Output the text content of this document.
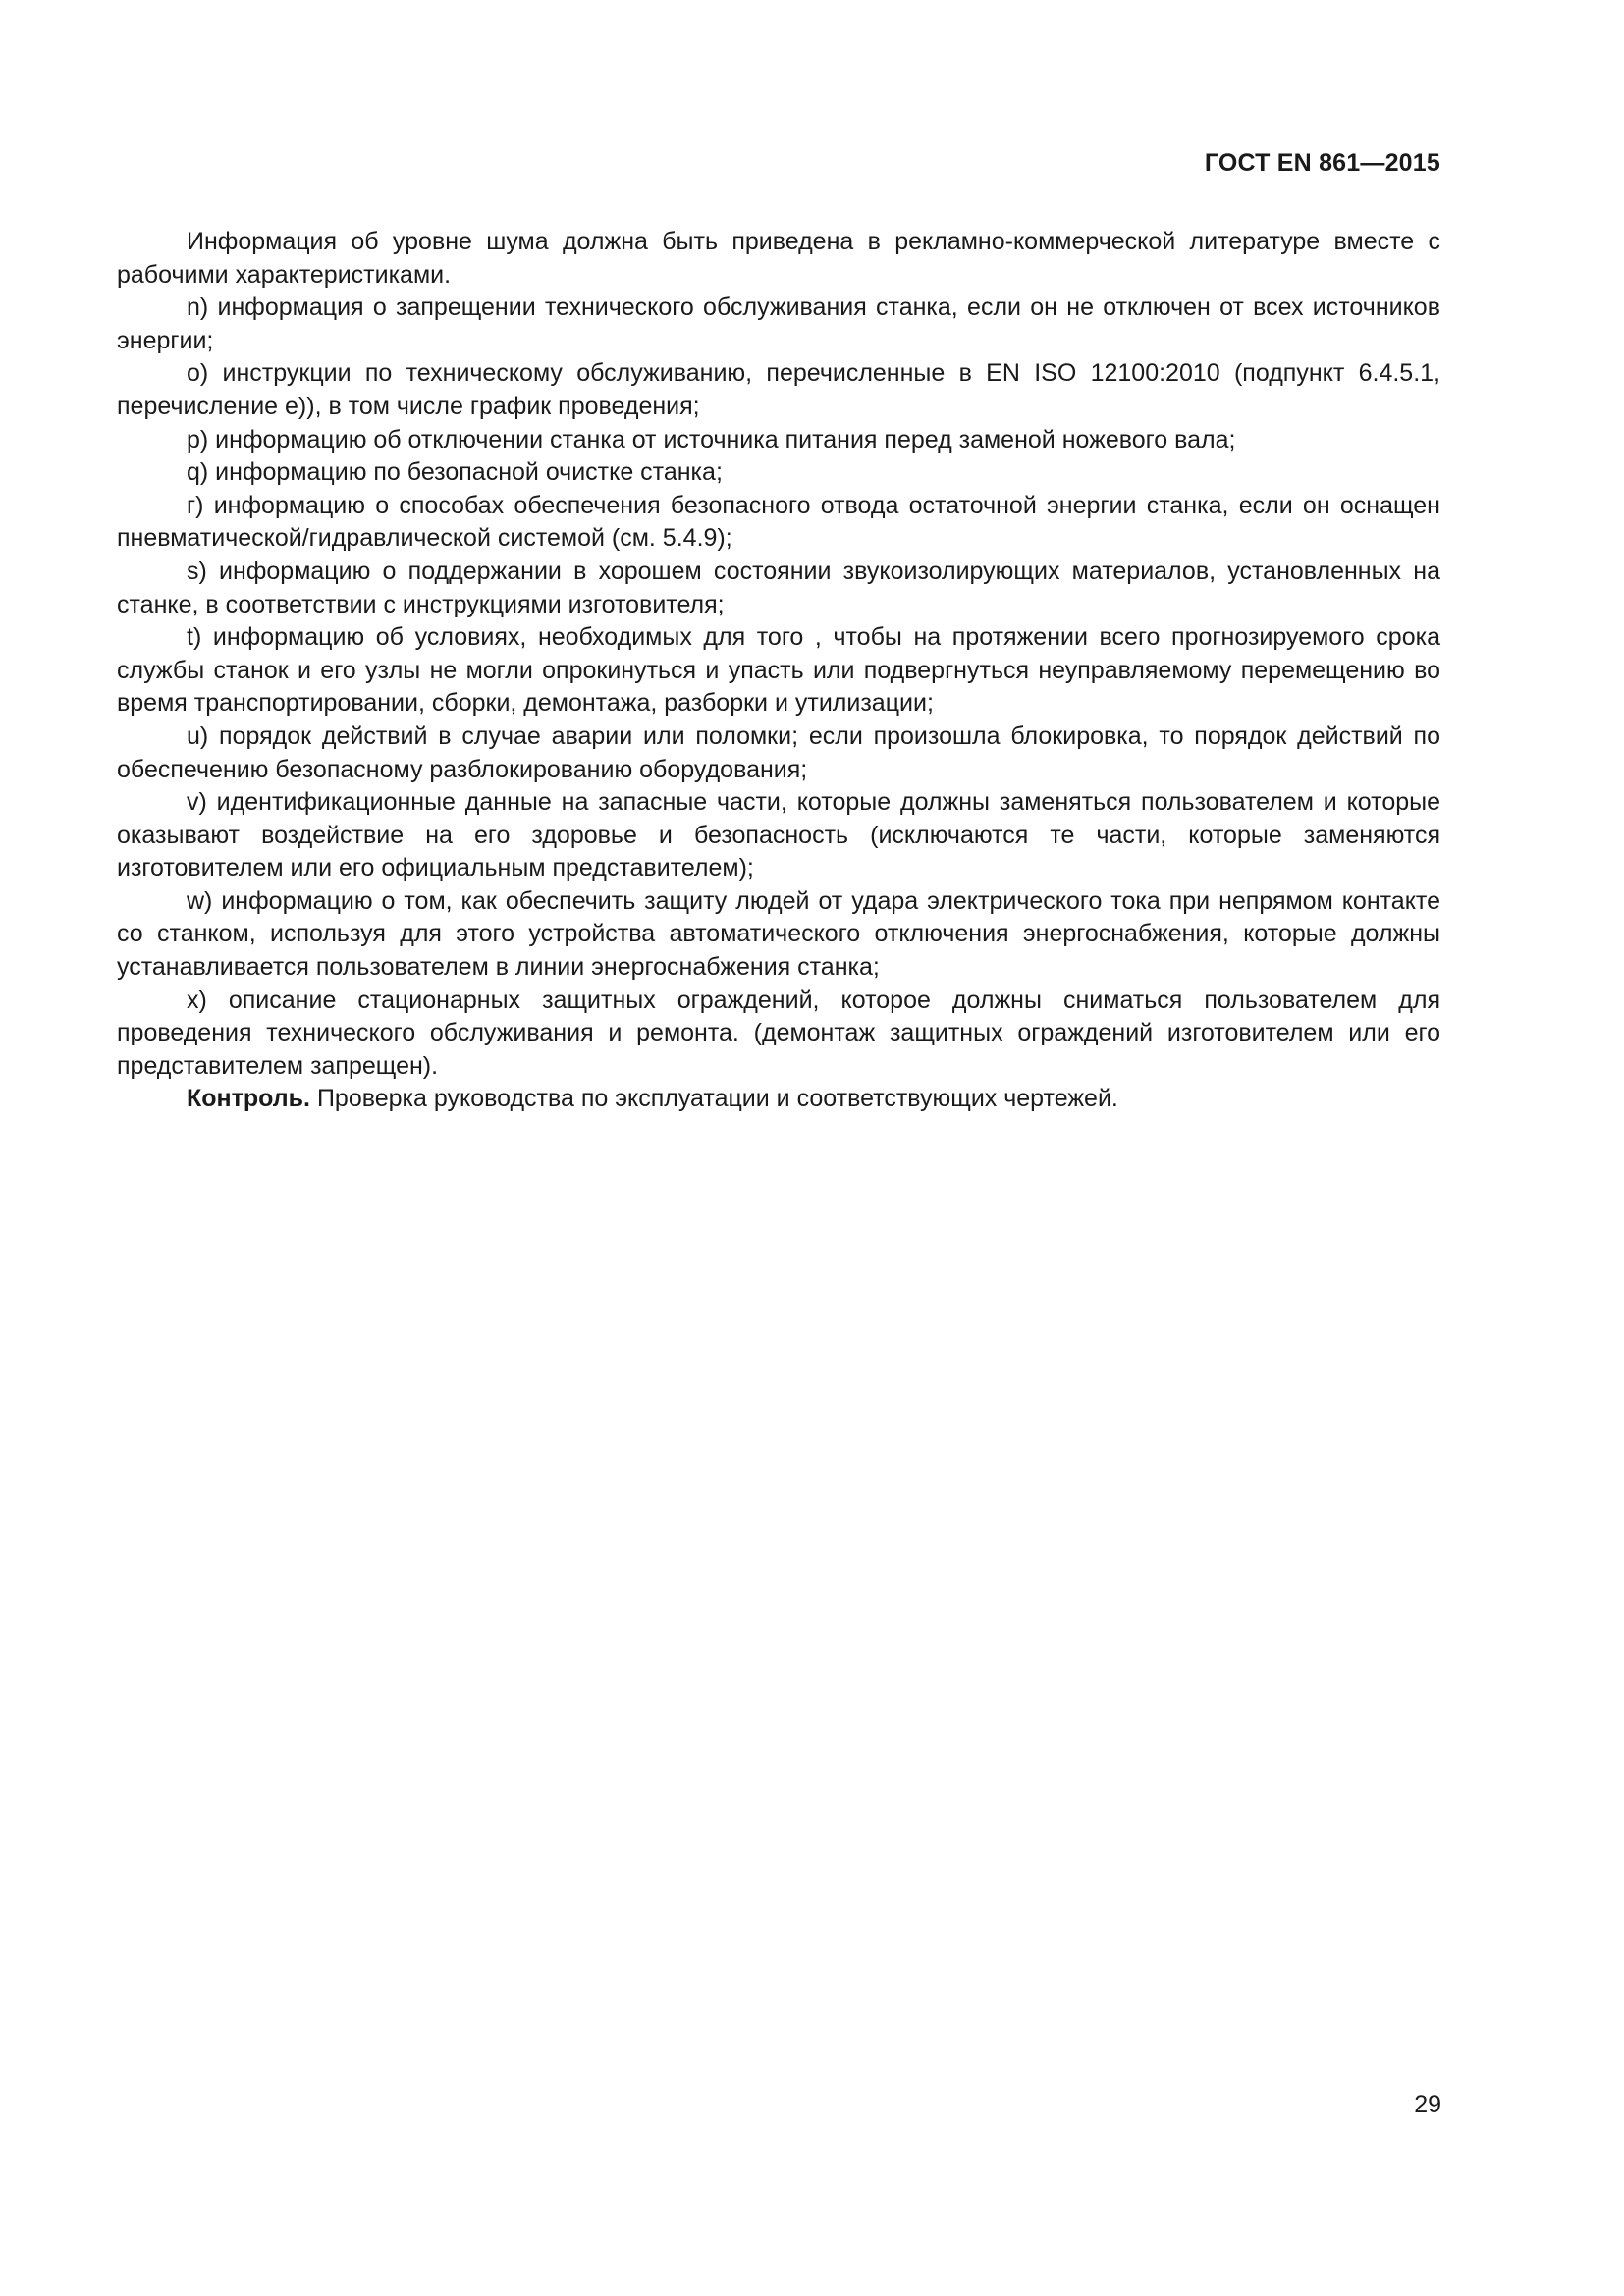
ГОСТ EN 861—2015

Информация об уровне шума должна быть приведена в рекламно-коммерческой литературе вместе с рабочими характеристиками.

n) информация о запрещении технического обслуживания станка, если он не отключен от всех источников энергии;

о) инструкции по техническому обслуживанию, перечисленные в EN ISO 12100:2010 (подпункт 6.4.5.1, перечисление е)), в том числе график проведения;

р) информацию об отключении станка от источника питания перед заменой ножевого вала;

q) информацию по безопасной очистке станка;

г) информацию о способах обеспечения безопасного отвода остаточной энергии станка, если он оснащен пневматической/гидравлической системой (см. 5.4.9);

s) информацию о поддержании в хорошем состоянии звукоизолирующих материалов, установленных на станке, в соответствии с инструкциями изготовителя;

t) информацию об условиях, необходимых для того , чтобы на протяжении всего прогнозируемого срока службы станок и его узлы не могли опрокинуться и упасть или подвергнуться неуправляемому перемещению во время транспортировании, сборки, демонтажа, разборки и утилизации;

u) порядок действий в случае аварии или поломки; если произошла блокировка, то порядок действий по обеспечению безопасному разблокированию оборудования;

v) идентификационные данные на запасные части, которые должны заменяться пользователем и которые оказывают воздействие на его здоровье и безопасность (исключаются те части, которые заменяются изготовителем или его официальным представителем);

w) информацию о том, как обеспечить защиту людей от удара электрического тока при непрямом контакте со станком, используя для этого устройства автоматического отключения энергоснабжения, которые должны устанавливается пользователем в линии энергоснабжения станка;

x) описание стационарных защитных ограждений, которое должны сниматься пользователем для проведения технического обслуживания и ремонта. (демонтаж защитных ограждений изготовителем или его представителем запрещен).

Контроль. Проверка руководства по эксплуатации и соответствующих чертежей.

29
